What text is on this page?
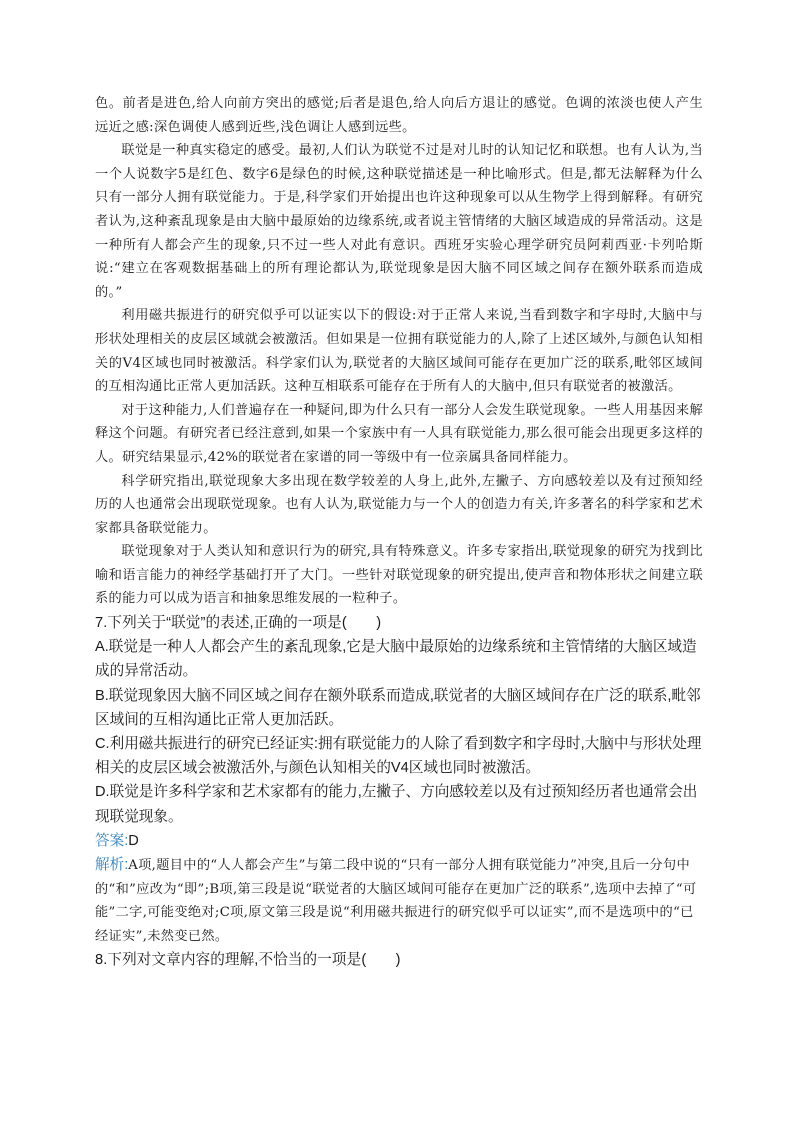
色。前者是进色,给人向前方突出的感觉;后者是退色,给人向后方退让的感觉。色调的浓淡也使人产生远近之感:深色调使人感到近些,浅色调让人感到远些。

联觉是一种真实稳定的感受。最初,人们认为联觉不过是对儿时的认知记忆和联想。也有人认为,当一个人说数字5是红色、数字6是绿色的时候,这种联觉描述是一种比喻形式。但是,都无法解释为什么只有一部分人拥有联觉能力。于是,科学家们开始提出也许这种现象可以从生物学上得到解释。有研究者认为,这种紊乱现象是由大脑中最原始的边缘系统,或者说主管情绪的大脑区域造成的异常活动。这是一种所有人都会产生的现象,只不过一些人对此有意识。西班牙实验心理学研究员阿莉西亚·卡列哈斯说:“建立在客观数据基础上的所有理论都认为,联觉现象是因大脑不同区域之间存在额外联系而造成的。”

利用磁共振进行的研究似乎可以证实以下的假设:对于正常人来说,当看到数字和字母时,大脑中与形状处理相关的皮层区域就会被激活。但如果是一位拥有联觉能力的人,除了上述区域外,与颜色认知相关的V4区域也同时被激活。科学家们认为,联觉者的大脑区域间可能存在更加广泛的联系,毗邻区域间的互相沟通比正常人更加活跃。这种互相联系可能存在于所有人的大脑中,但只有联觉者的被激活。

对于这种能力,人们普遍存在一种疑问,即为什么只有一部分人会发生联觉现象。一些人用基因来解释这个问题。有研究者已经注意到,如果一个家族中有一人具有联觉能力,那么很可能会出现更多这样的人。研究结果显示,42%的联觉者在家谱的同一等级中有一位亲属具备同样能力。

科学研究指出,联觉现象大多出现在数学较差的人身上,此外,左撇子、方向感较差以及有过预知经历的人也通常会出现联觉现象。也有人认为,联觉能力与一个人的创造力有关,许多著名的科学家和艺术家都具备联觉能力。

联觉现象对于人类认知和意识行为的研究,具有特殊意义。许多专家指出,联觉现象的研究为找到比喻和语言能力的神经学基础打开了大门。一些针对联觉现象的研究提出,使声音和物体形状之间建立联系的能力可以成为语言和抽象思维发展的一粒种子。

7.下列关于“联觉”的表述,正确的一项是(　　)

A.联觉是一种人人都会产生的紊乱现象,它是大脑中最原始的边缘系统和主管情绪的大脑区域造成的异常活动。

B.联觉现象因大脑不同区域之间存在额外联系而造成,联觉者的大脑区域间存在广泛的联系,毗邻区域间的互相沟通比正常人更加活跃。

C.利用磁共振进行的研究已经证实:拥有联觉能力的人除了看到数字和字母时,大脑中与形状处理相关的皮层区域会被激活外,与颜色认知相关的V4区域也同时被激活。

D.联觉是许多科学家和艺术家都有的能力,左撇子、方向感较差以及有过预知经历者也通常会出现联觉现象。

答案:D

解析:A项,题目中的“人人都会产生”与第二段中说的“只有一部分人拥有联觉能力”冲突,且后一分句中的“和”应改为“即”;B项,第三段是说“联觉者的大脑区域间可能存在更加广泛的联系”,选项中去掉了“可能”二字,可能变绝对;C项,原文第三段是说“利用磁共振进行的研究似乎可以证实”,而不是选项中的“已经证实”,未然变已然。

8.下列对文章内容的理解,不恰当的一项是(　　)
